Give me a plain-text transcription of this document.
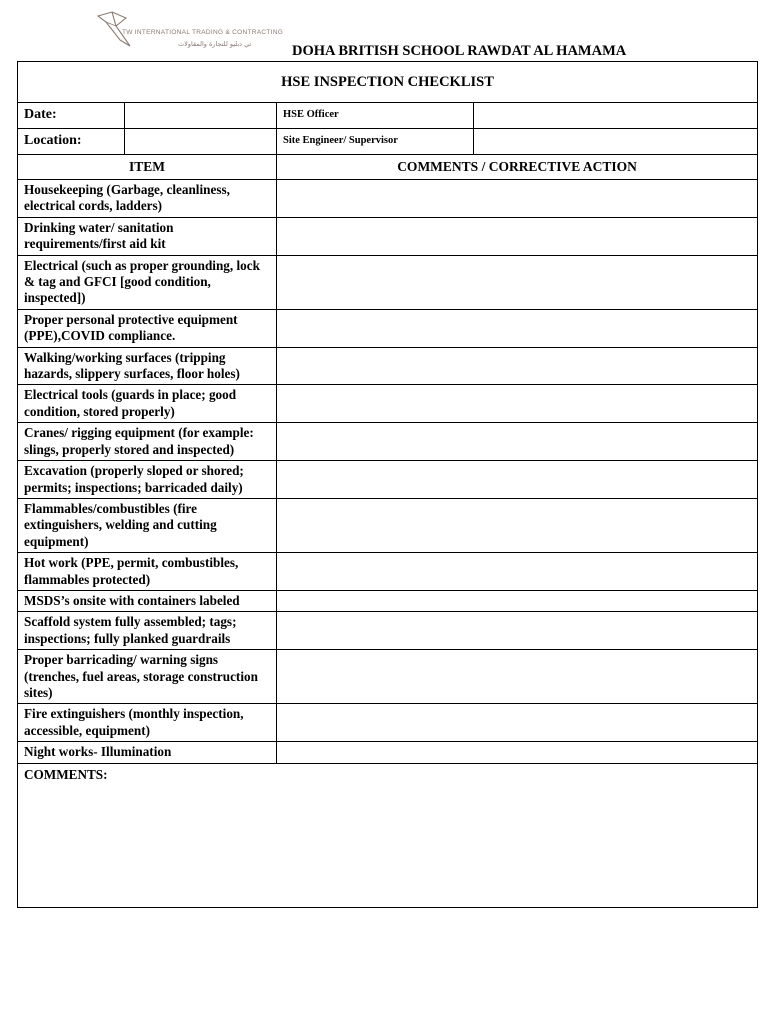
TW INTERNATIONAL TRADING & CONTRACTING
تي دبليو للتجارة والمقاولات	DOHA BRITISH SCHOOL RAWDAT AL HAMAMA
HSE INSPECTION CHECKLIST			
Date:		HSE Officer	
Location:		Site Engineer/ Supervisor	
ITEM		COMMENTS / CORRECTIVE ACTION	
Housekeeping (Garbage, cleanliness, electrical cords, ladders)			
Drinking water/ sanitation requirements/first aid kit			
Electrical (such as proper grounding, lock & tag and GFCI [good condition, inspected])			
Proper personal protective equipment (PPE),COVID compliance.			
Walking/working surfaces (tripping hazards, slippery surfaces, floor holes)			
Electrical tools (guards in place; good condition, stored properly)			
Cranes/ rigging equipment (for example: slings, properly stored and inspected)			
Excavation (properly sloped or shored; permits; inspections; barricaded daily)			
Flammables/combustibles (fire extinguishers, welding and cutting equipment)			
Hot work (PPE, permit, combustibles, flammables protected)			
MSDS’s onsite with containers labeled			
Scaffold system fully assembled; tags; inspections; fully planked guardrails			
Proper barricading/ warning signs (trenches, fuel areas, storage construction sites)			
Fire extinguishers (monthly inspection, accessible, equipment)			
Night works- Illumination			
COMMENTS:			
